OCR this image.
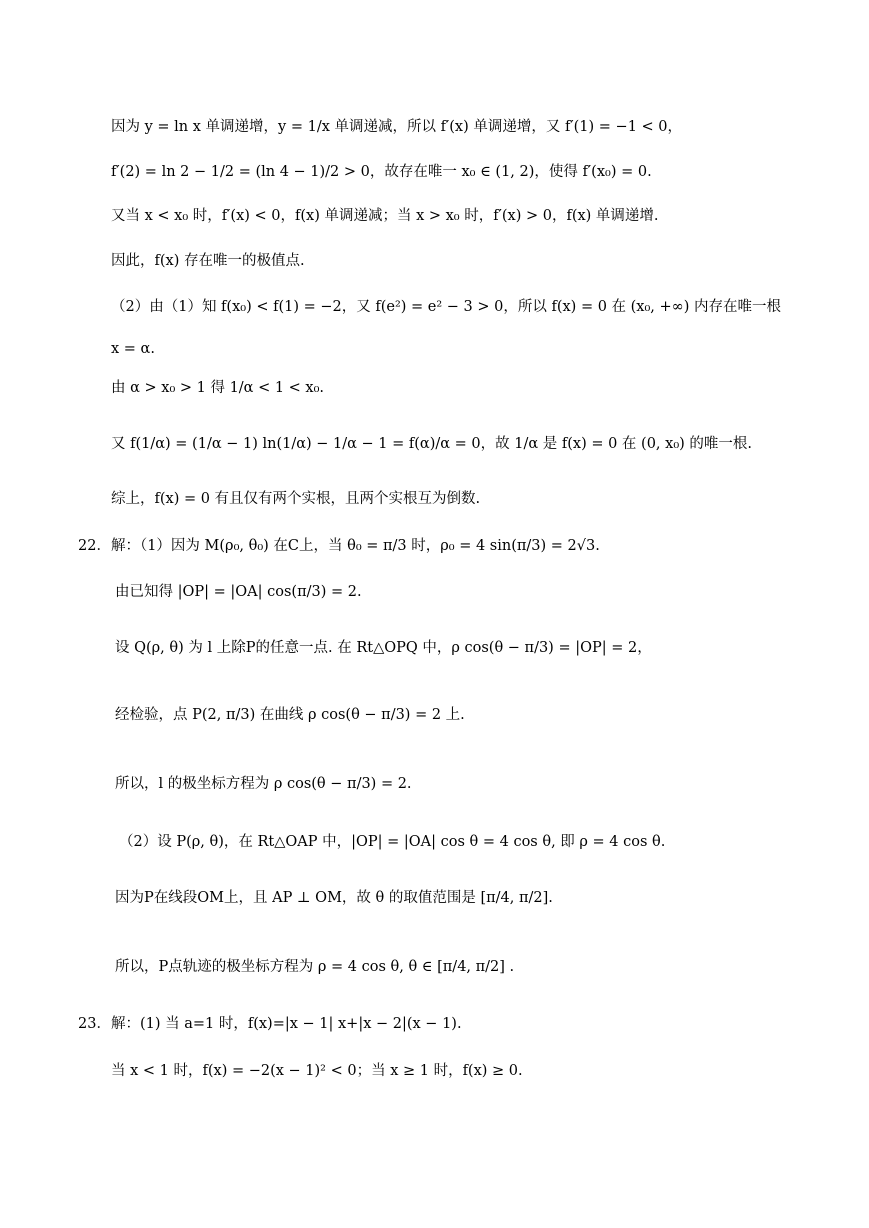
因为 y = ln x 单调递增，y = 1/x 单调递减，所以 f′(x) 单调递增，又 f′(1) = −1 < 0，
f′(2) = ln 2 − 1/2 = (ln 4 − 1)/2 > 0，故存在唯一 x₀ ∈ (1, 2)，使得 f′(x₀) = 0.
又当 x < x₀ 时，f′(x) < 0，f(x) 单调递减；当 x > x₀ 时，f′(x) > 0，f(x) 单调递增.
因此，f(x) 存在唯一的极值点.
（2）由（1）知 f(x₀) < f(1) = −2，又 f(e²) = e² − 3 > 0，所以 f(x) = 0 在 (x₀, +∞) 内存在唯一根
x = α.
由 α > x₀ > 1 得 1/α < 1 < x₀.
又 f(1/α) = (1/α − 1) ln(1/α) − 1/α − 1 = f(α)/α = 0，故 1/α 是 f(x) = 0 在 (0, x₀) 的唯一根.
综上，f(x) = 0 有且仅有两个实根，且两个实根互为倒数.
22．解：（1）因为 M(ρ₀, θ₀) 在C上，当 θ₀ = π/3 时，ρ₀ = 4 sin(π/3) = 2√3.
由已知得 |OP| = |OA| cos(π/3) = 2.
设 Q(ρ, θ) 为 l 上除P的任意一点. 在 Rt△OPQ 中，ρ cos(θ − π/3) = |OP| = 2，
经检验，点 P(2, π/3) 在曲线 ρ cos(θ − π/3) = 2 上.
所以，l 的极坐标方程为 ρ cos(θ − π/3) = 2.
（2）设 P(ρ, θ)，在 Rt△OAP 中，|OP| = |OA| cos θ = 4 cos θ, 即 ρ = 4 cos θ.
因为P在线段OM上，且 AP ⊥ OM，故 θ 的取值范围是 [π/4, π/2].
所以，P点轨迹的极坐标方程为 ρ = 4 cos θ, θ ∈ [π/4, π/2] .
23．解：(1) 当 a=1 时，f(x)=|x − 1| x+|x − 2|(x − 1).
当 x < 1 时，f(x) = −2(x − 1)² < 0；当 x ≥ 1 时，f(x) ≥ 0.
